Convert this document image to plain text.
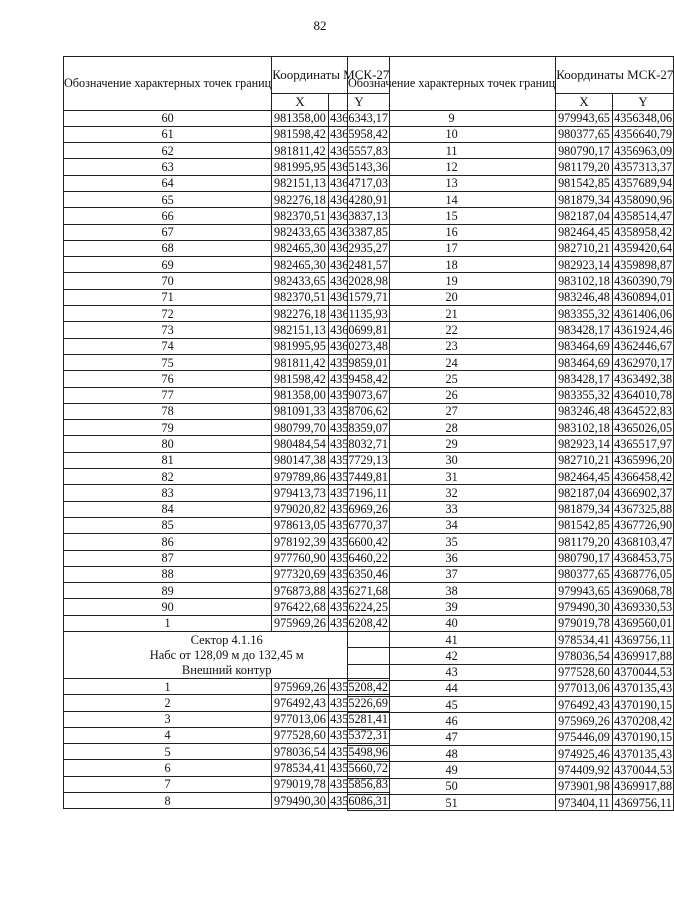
82
Обозначение характерных точек границ	Координаты МСК-27	
	X	Y
60	981358,00	4366343,17
61	981598,42	4365958,42
62	981811,42	4365557,83
63	981995,95	4365143,36
64	982151,13	4364717,03
65	982276,18	4364280,91
66	982370,51	4363837,13
67	982433,65	4363387,85
68	982465,30	4362935,27
69	982465,30	4362481,57
70	982433,65	4362028,98
71	982370,51	4361579,71
72	982276,18	4361135,93
73	982151,13	4360699,81
74	981995,95	4360273,48
75	981811,42	4359859,01
76	981598,42	4359458,42
77	981358,00	4359073,67
78	981091,33	4358706,62
79	980799,70	4358359,07
80	980484,54	4358032,71
81	980147,38	4357729,13
82	979789,86	4357449,81
83	979413,73	4357196,11
84	979020,82	4356969,26
85	978613,05	4356770,37
86	978192,39	4356600,42
87	977760,90	4356460,22
88	977320,69	4356350,46
89	976873,88	4356271,68
90	976422,68	4356224,25
1	975969,26	4356208,42

Сектор 4.1.16
Набс от 128,09 м до 132,45 м
Внешний контур		

1	975969,26	4355208,42
2	976492,43	4355226,69
3	977013,06	4355281,41
4	977528,60	4355372,31
5	978036,54	4355498,96
6	978534,41	4355660,72
7	979019,78	4355856,83
8	979490,30	4356086,31
Обозначение характерных точек границ	Координаты МСК-27	
	X	Y
9	979943,65	4356348,06
10	980377,65	4356640,79
11	980790,17	4356963,09
12	981179,20	4357313,37
13	981542,85	4357689,94
14	981879,34	4358090,96
15	982187,04	4358514,47
16	982464,45	4358958,42
17	982710,21	4359420,64
18	982923,14	4359898,87
19	983102,18	4360390,79
20	983246,48	4360894,01
21	983355,32	4361406,06
22	983428,17	4361924,46
23	983464,69	4362446,67
24	983464,69	4362970,17
25	983428,17	4363492,38
26	983355,32	4364010,78
27	983246,48	4364522,83
28	983102,18	4365026,05
29	982923,14	4365517,97
30	982710,21	4365996,20
31	982464,45	4366458,42
32	982187,04	4366902,37
33	981879,34	4367325,88
34	981542,85	4367726,90
35	981179,20	4368103,47
36	980790,17	4368453,75
37	980377,65	4368776,05
38	979943,65	4369068,78
39	979490,30	4369330,53
40	979019,78	4369560,01
41	978534,41	4369756,11
42	978036,54	4369917,88
43	977528,60	4370044,53
44	977013,06	4370135,43
45	976492,43	4370190,15
46	975969,26	4370208,42
47	975446,09	4370190,15
48	974925,46	4370135,43
49	974409,92	4370044,53
50	973901,98	4369917,88
51	973404,11	4369756,11
